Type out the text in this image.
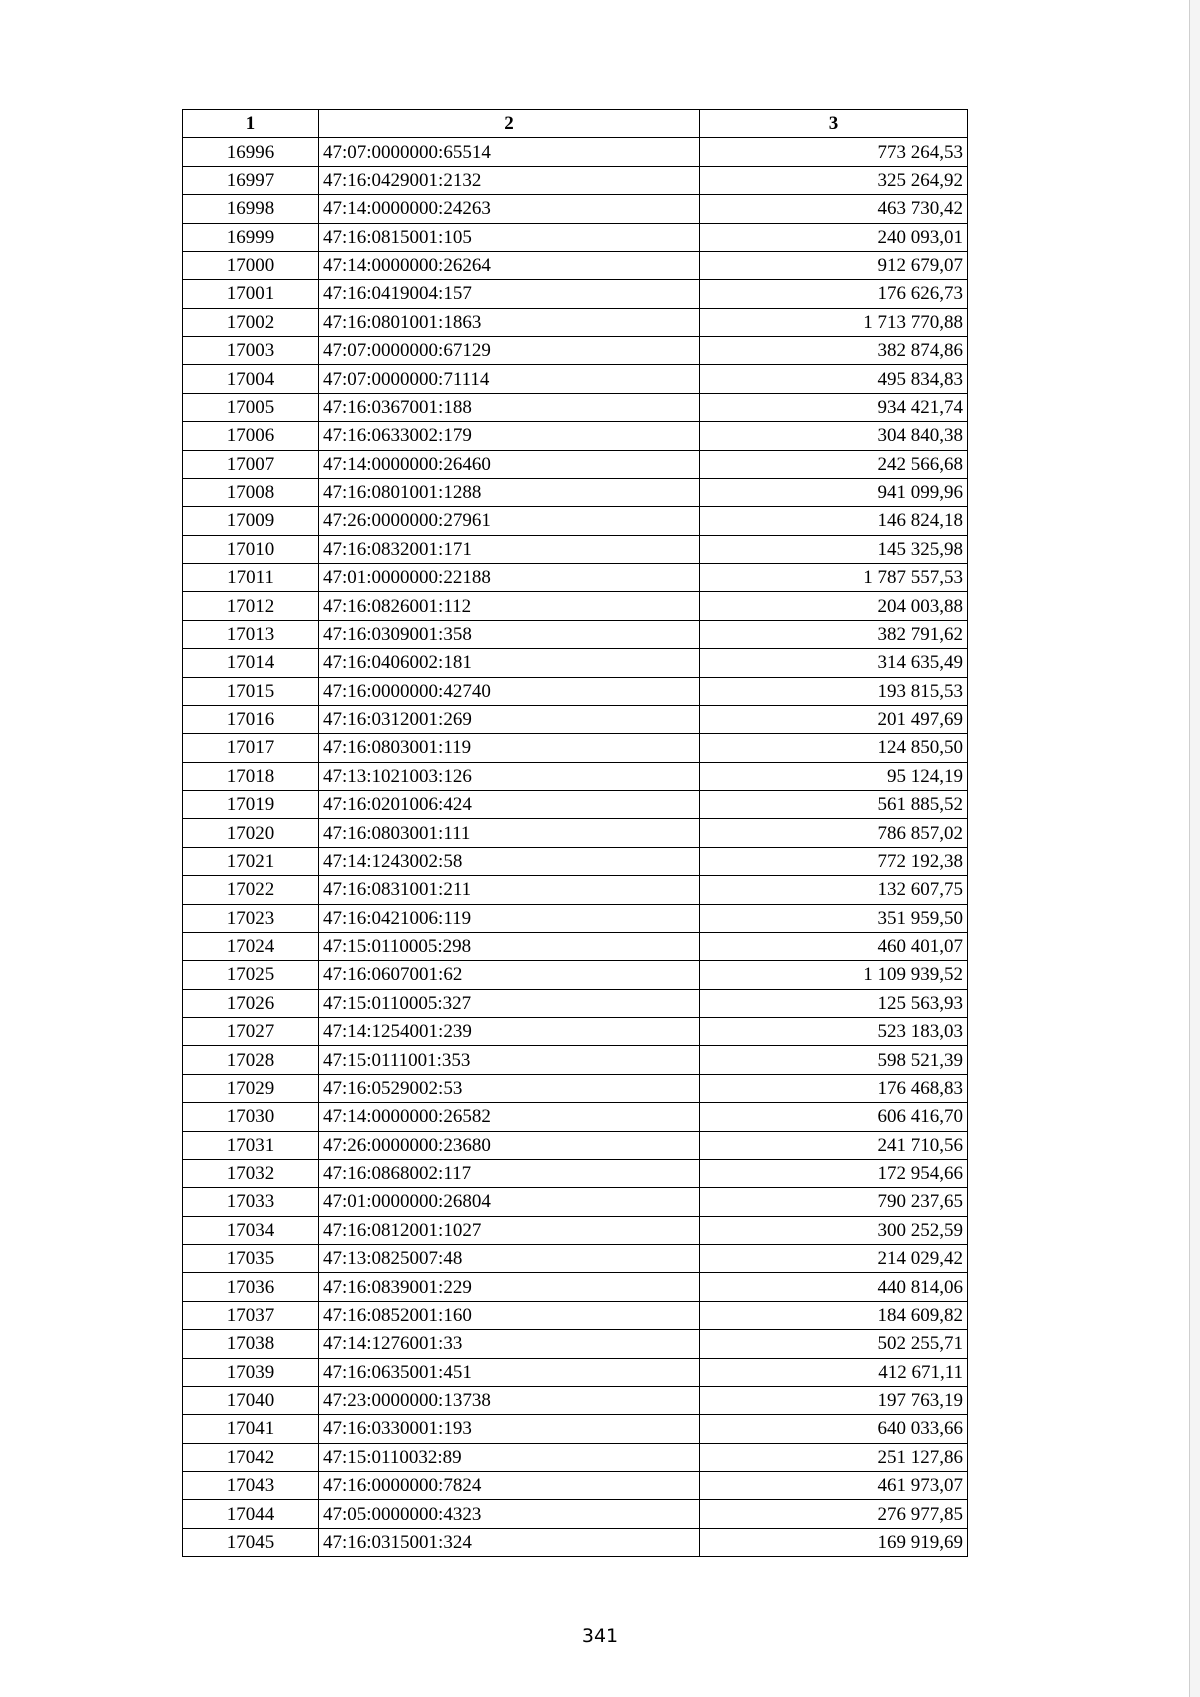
1	2	3
16996	47:07:0000000:65514	773 264,53
16997	47:16:0429001:2132	325 264,92
16998	47:14:0000000:24263	463 730,42
16999	47:16:0815001:105	240 093,01
17000	47:14:0000000:26264	912 679,07
17001	47:16:0419004:157	176 626,73
17002	47:16:0801001:1863	1 713 770,88
17003	47:07:0000000:67129	382 874,86
17004	47:07:0000000:71114	495 834,83
17005	47:16:0367001:188	934 421,74
17006	47:16:0633002:179	304 840,38
17007	47:14:0000000:26460	242 566,68
17008	47:16:0801001:1288	941 099,96
17009	47:26:0000000:27961	146 824,18
17010	47:16:0832001:171	145 325,98
17011	47:01:0000000:22188	1 787 557,53
17012	47:16:0826001:112	204 003,88
17013	47:16:0309001:358	382 791,62
17014	47:16:0406002:181	314 635,49
17015	47:16:0000000:42740	193 815,53
17016	47:16:0312001:269	201 497,69
17017	47:16:0803001:119	124 850,50
17018	47:13:1021003:126	95 124,19
17019	47:16:0201006:424	561 885,52
17020	47:16:0803001:111	786 857,02
17021	47:14:1243002:58	772 192,38
17022	47:16:0831001:211	132 607,75
17023	47:16:0421006:119	351 959,50
17024	47:15:0110005:298	460 401,07
17025	47:16:0607001:62	1 109 939,52
17026	47:15:0110005:327	125 563,93
17027	47:14:1254001:239	523 183,03
17028	47:15:0111001:353	598 521,39
17029	47:16:0529002:53	176 468,83
17030	47:14:0000000:26582	606 416,70
17031	47:26:0000000:23680	241 710,56
17032	47:16:0868002:117	172 954,66
17033	47:01:0000000:26804	790 237,65
17034	47:16:0812001:1027	300 252,59
17035	47:13:0825007:48	214 029,42
17036	47:16:0839001:229	440 814,06
17037	47:16:0852001:160	184 609,82
17038	47:14:1276001:33	502 255,71
17039	47:16:0635001:451	412 671,11
17040	47:23:0000000:13738	197 763,19
17041	47:16:0330001:193	640 033,66
17042	47:15:0110032:89	251 127,86
17043	47:16:0000000:7824	461 973,07
17044	47:05:0000000:4323	276 977,85
17045	47:16:0315001:324	169 919,69
341
